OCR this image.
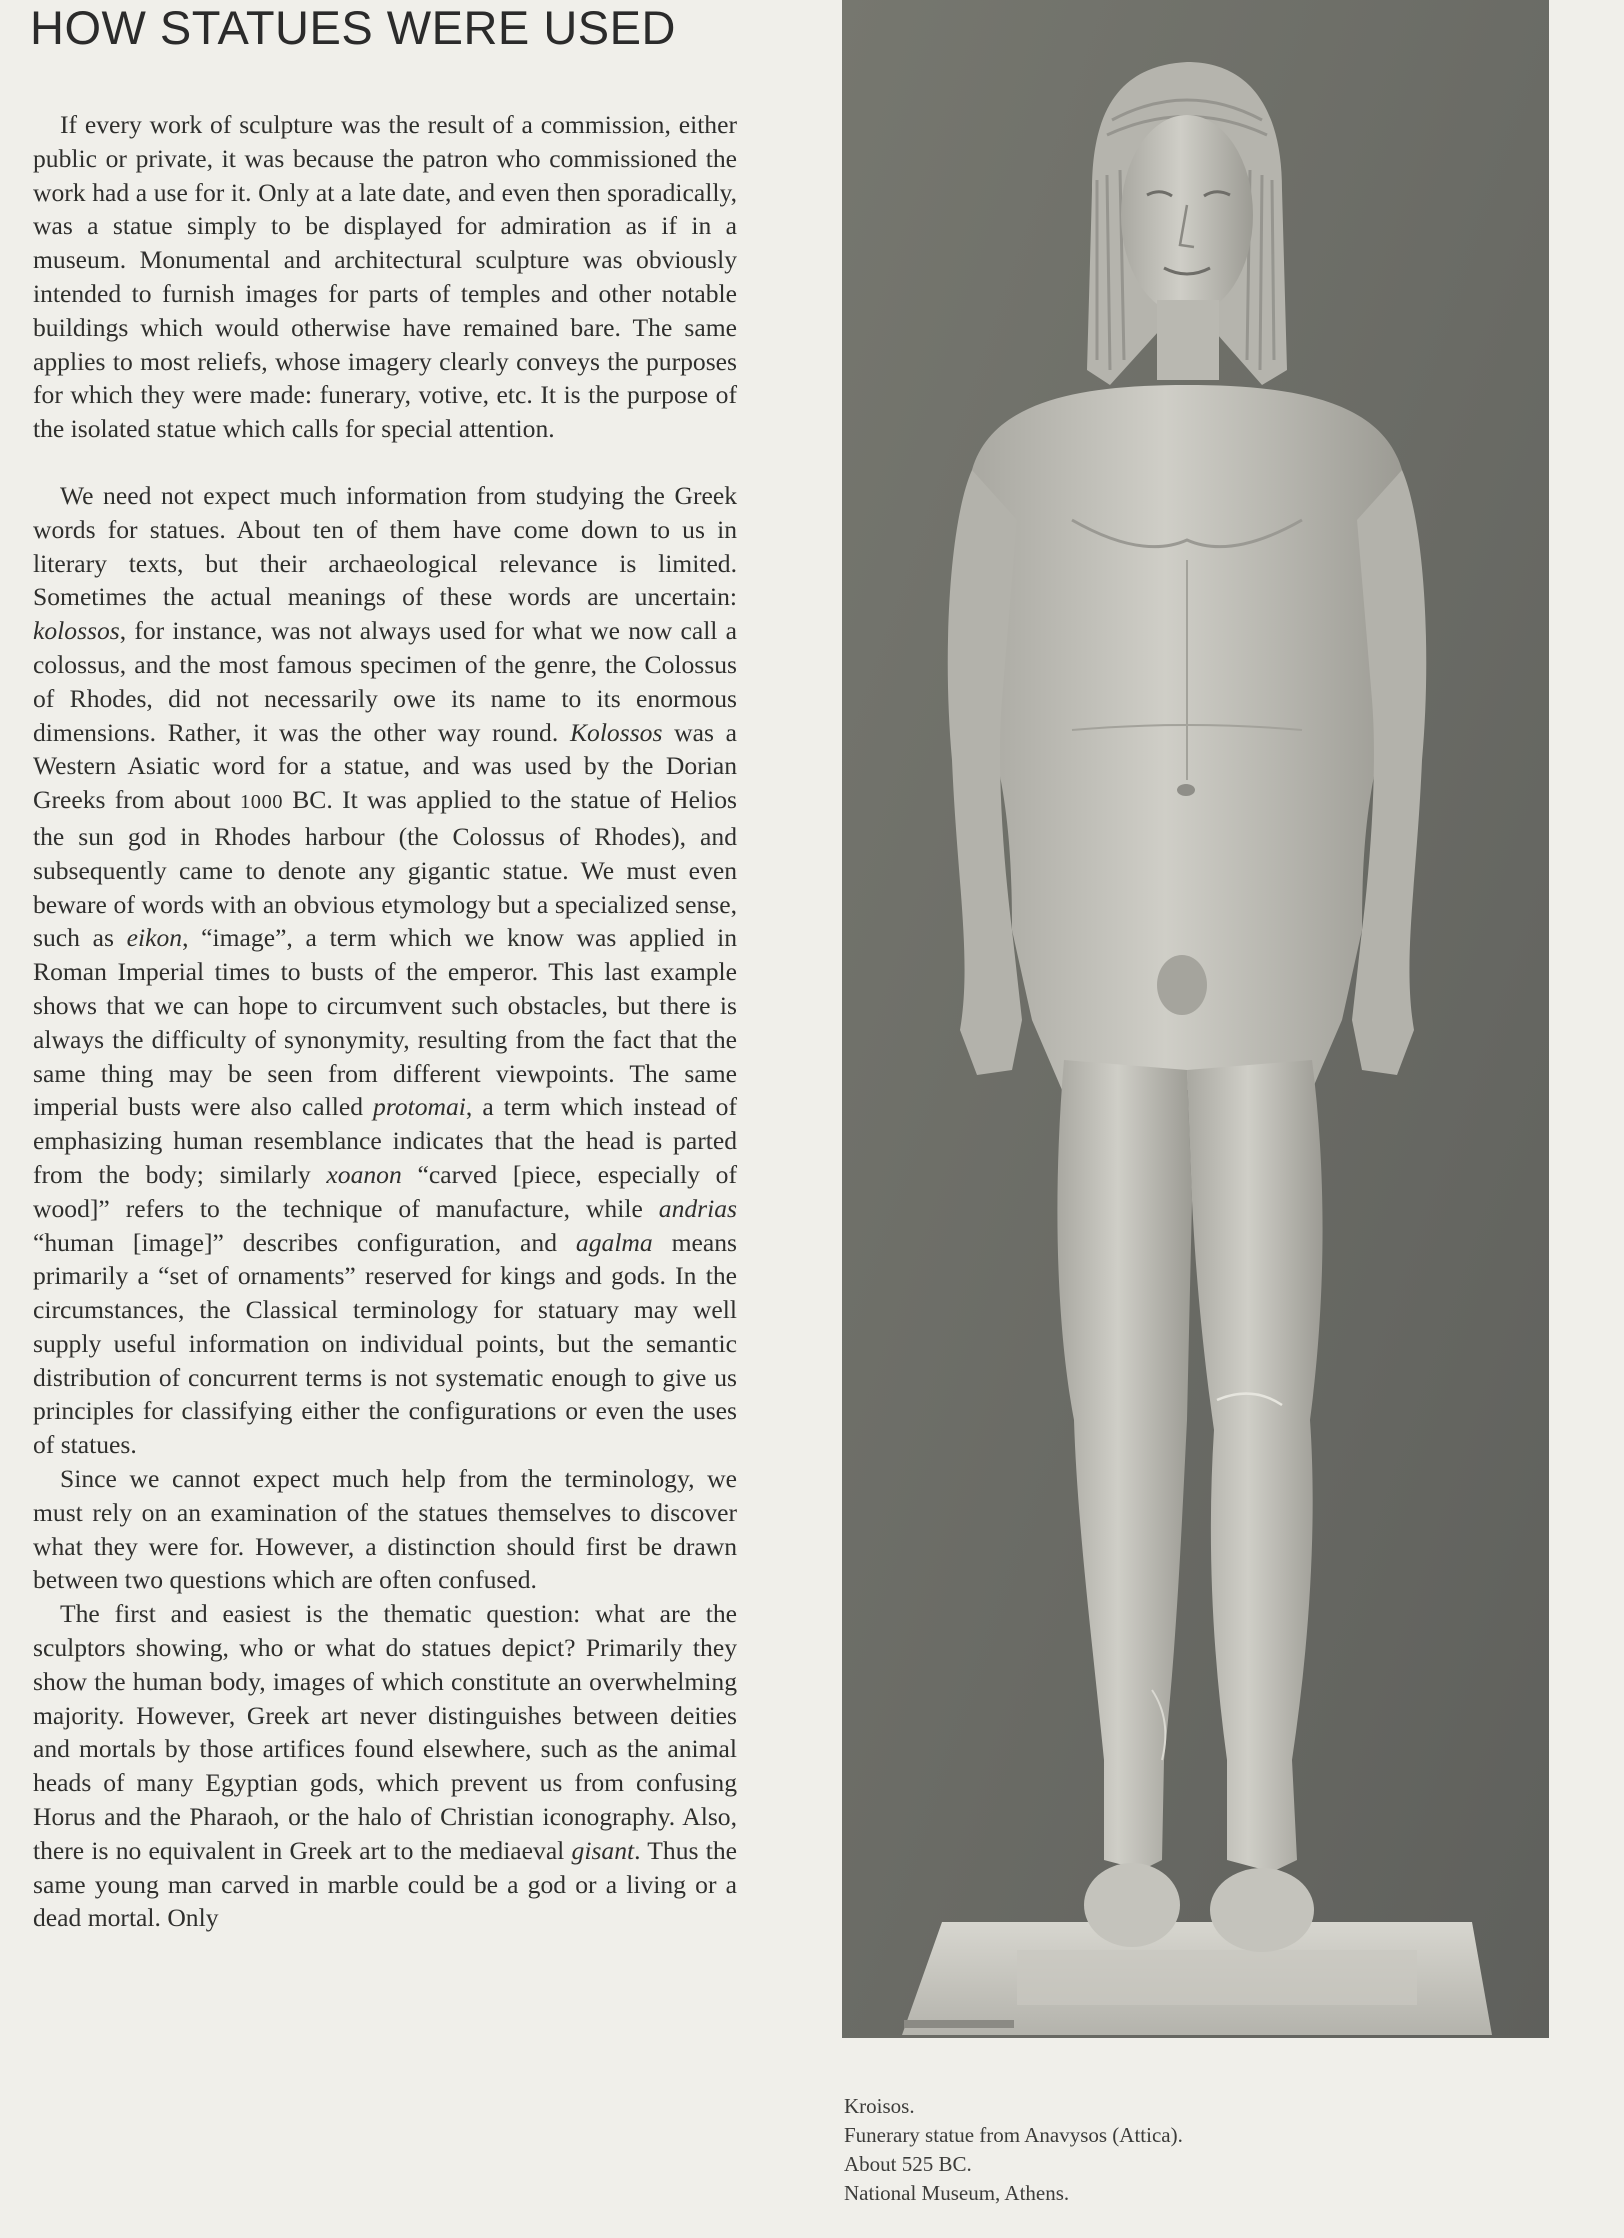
HOW STATUES WERE USED

If every work of sculpture was the result of a commission, either public or private, it was because the patron who commissioned the work had a use for it. Only at a late date, and even then sporadically, was a statue simply to be displayed for admiration as if in a museum. Monumental and architectural sculpture was obviously intended to furnish images for parts of temples and other notable buildings which would otherwise have remained bare. The same applies to most reliefs, whose imagery clearly conveys the purposes for which they were made: funerary, votive, etc. It is the purpose of the isolated statue which calls for special attention.

We need not expect much information from studying the Greek words for statues. About ten of them have come down to us in literary texts, but their archaeological relevance is limited. Sometimes the actual meanings of these words are uncertain: kolossos, for instance, was not always used for what we now call a colossus, and the most famous specimen of the genre, the Colossus of Rhodes, did not necessarily owe its name to its enormous dimensions. Rather, it was the other way round. Kolossos was a Western Asiatic word for a statue, and was used by the Dorian Greeks from about 1000 BC. It was applied to the statue of Helios the sun god in Rhodes harbour (the Colossus of Rhodes), and subsequently came to denote any gigantic statue. We must even beware of words with an obvious etymology but a specialized sense, such as eikon, “image”, a term which we know was applied in Roman Imperial times to busts of the emperor. This last example shows that we can hope to circumvent such obstacles, but there is always the difficulty of synonymity, resulting from the fact that the same thing may be seen from different viewpoints. The same imperial busts were also called protomai, a term which instead of emphasizing human resemblance indicates that the head is parted from the body; similarly xoanon “carved [piece, especially of wood]” refers to the technique of manufacture, while andrias “human [image]” describes configuration, and agalma means primarily a “set of ornaments” reserved for kings and gods. In the circumstances, the Classical terminology for statuary may well supply useful information on individual points, but the semantic distribution of concurrent terms is not systematic enough to give us principles for classifying either the configurations or even the uses of statues.

Since we cannot expect much help from the terminology, we must rely on an examination of the statues themselves to discover what they were for. However, a distinction should first be drawn between two questions which are often confused.

The first and easiest is the thematic question: what are the sculptors showing, who or what do statues depict? Primarily they show the human body, images of which constitute an overwhelming majority. However, Greek art never distinguishes between deities and mortals by those artifices found elsewhere, such as the animal heads of many Egyptian gods, which prevent us from confusing Horus and the Pharaoh, or the halo of Christian iconography. Also, there is no equivalent in Greek art to the mediaeval gisant. Thus the same young man carved in marble could be a god or a living or a dead mortal. Only

Kroisos.
Funerary statue from Anavysos (Attica).
About 525 BC.
National Museum, Athens.
